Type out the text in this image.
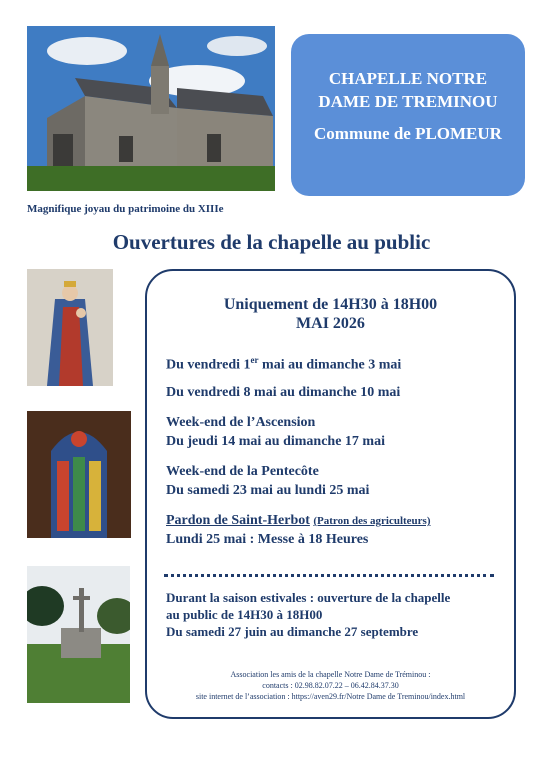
CHAPELLE NOTRE
DAME DE TREMINOU
Commune de PLOMEUR
Magnifique joyau du patrimoine du XIIIe
Ouvertures de la chapelle au public
Uniquement de 14H30 à 18H00
MAI 2026
Du vendredi 1er mai au dimanche 3 mai
Du vendredi 8 mai au dimanche 10 mai
Week-end de l’Ascension
Du jeudi 14 mai au dimanche 17 mai
Week-end de la Pentecôte
Du samedi 23 mai au lundi 25 mai
Pardon de Saint-Herbot (Patron des agriculteurs)
Lundi 25 mai : Messe à 18 Heures
Durant la saison estivales : ouverture de la chapelle
au public de 14H30 à 18H00
Du samedi 27 juin au dimanche 27 septembre
Association les amis de la chapelle Notre Dame de Tréminou :
contacts : 02.98.82.07.22 – 06.42.84.37.30
site internet de l’association : https://aven29.fr/Notre Dame de Treminou/index.html
